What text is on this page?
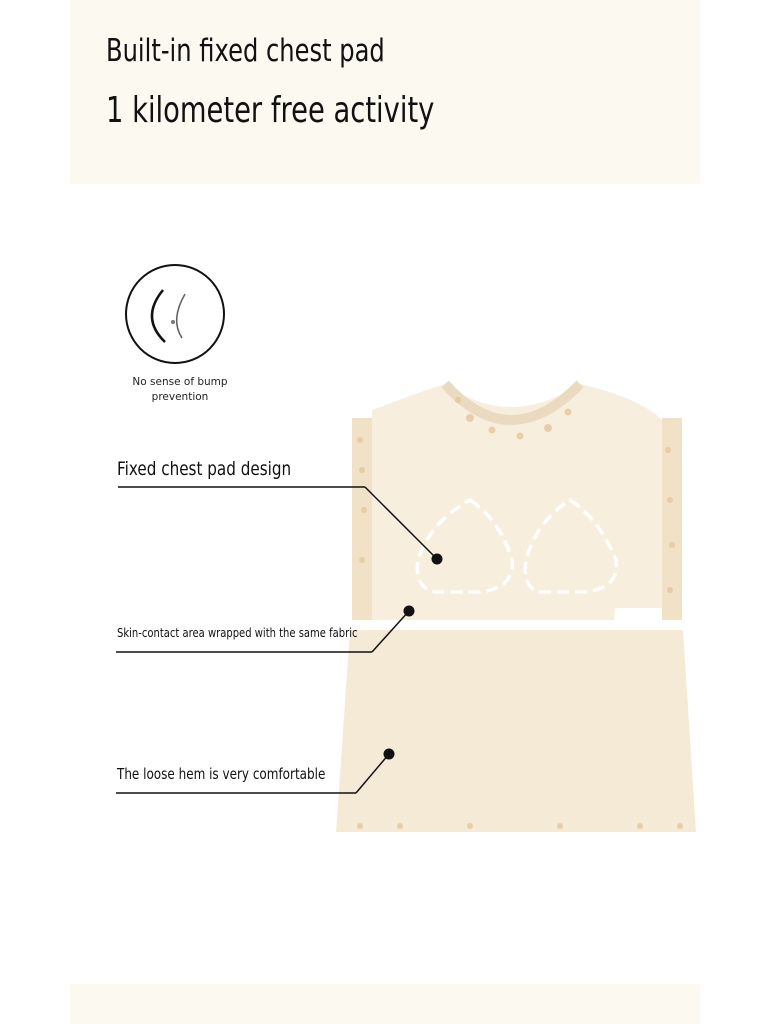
Built-in fixed chest pad
1 kilometer free activity
No sense of bump
prevention

Fixed chest pad design

Skin-contact area wrapped with the same fabric

The loose hem is very comfortable
